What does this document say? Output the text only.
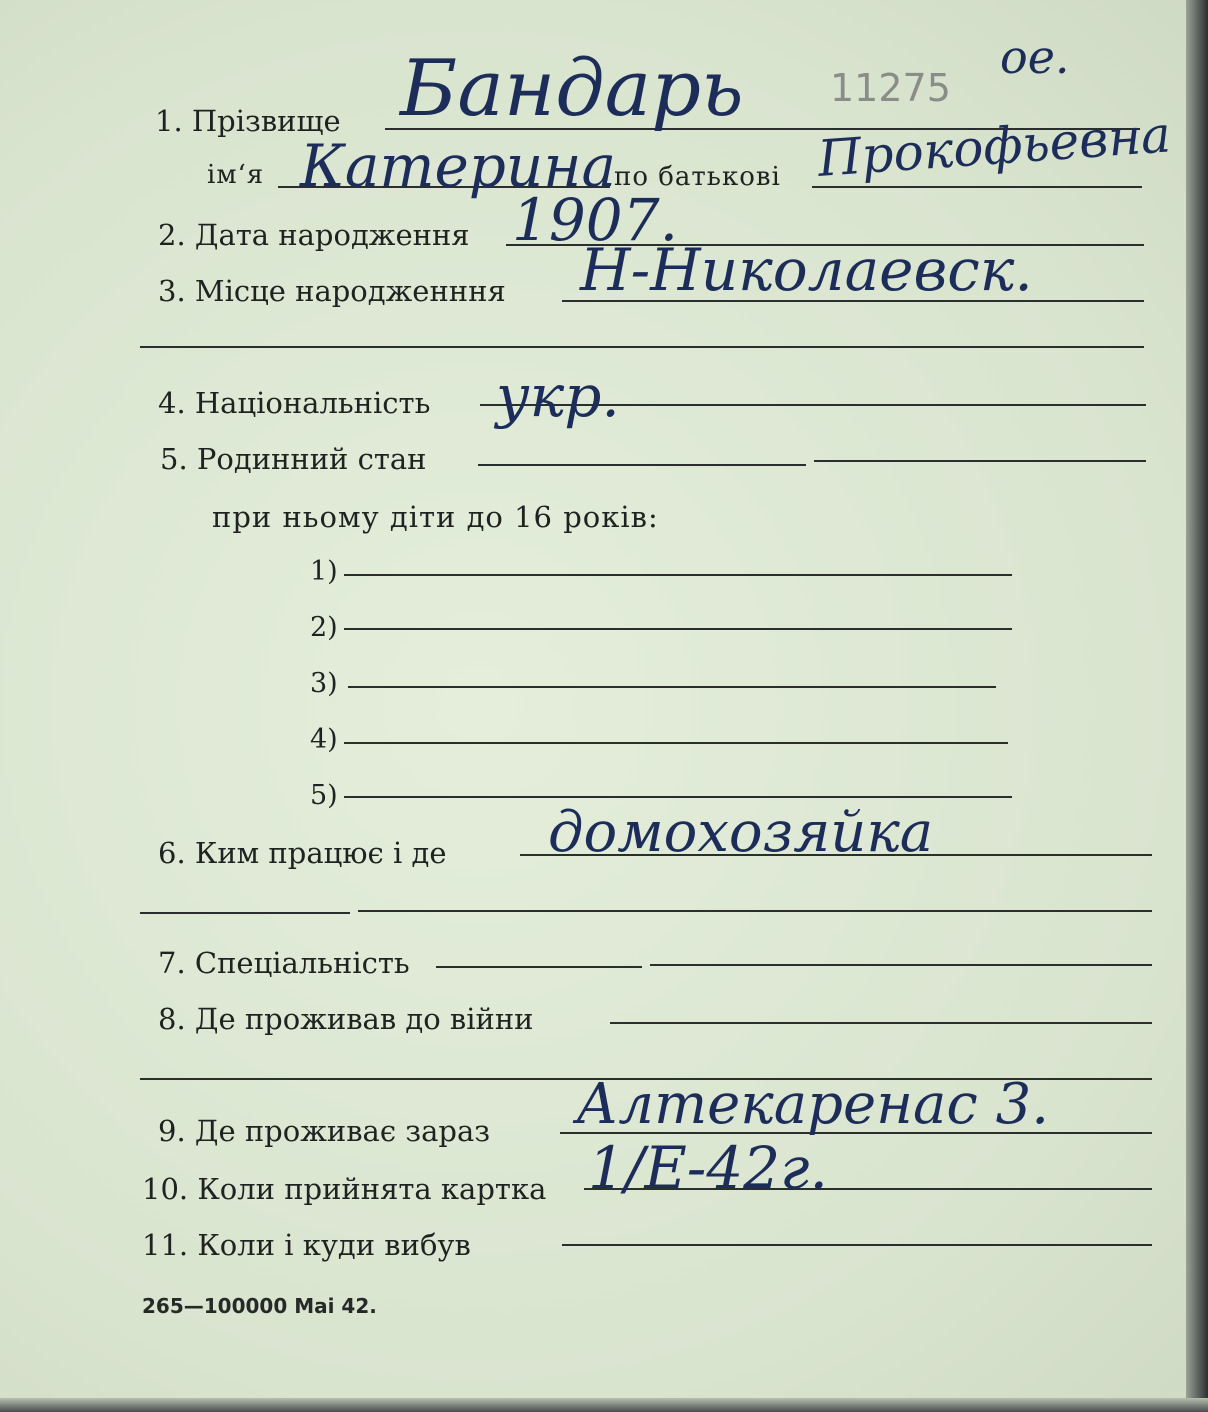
1. Прізвище Бандарь 11275
ое.
ім‘я Катерина
по батькові Прокофьевна
2. Дата народження 1907.
3. Місце народженння Н-Николаевск.
4. Національність укр.
5. Родинний стан
при ньому діти до 16 років:
1)
2)
3)
4)
5)
6. Ким працює і де домохозяйка
7. Спеціальність
8. Де проживав до війни
9. Де проживає зараз Алтекаренас 3.
10. Коли прийнята картка 1/Е-42г.
11. Коли і куди вибув
265—100000 Маі 42.
